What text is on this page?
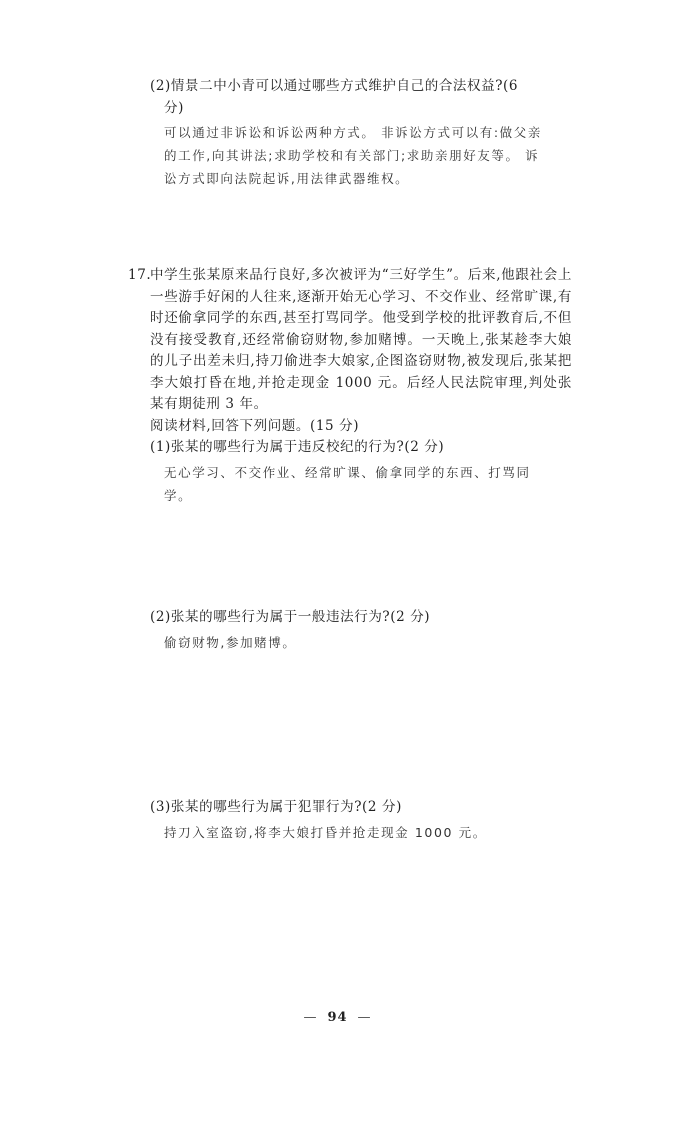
(2)情景二中小青可以通过哪些方式维护自己的合法权益?(6
分)
可以通过非诉讼和诉讼两种方式。 非诉讼方式可以有:做父亲的工作,向其讲法;求助学校和有关部门;求助亲朋好友等。 诉讼方式即向法院起诉,用法律武器维权。
17.
中学生张某原来品行良好,多次被评为“三好学生”。后来,他跟社会上一些游手好闲的人往来,逐渐开始无心学习、不交作业、经常旷课,有时还偷拿同学的东西,甚至打骂同学。他受到学校的批评教育后,不但没有接受教育,还经常偷窃财物,参加赌博。一天晚上,张某趁李大娘的儿子出差未归,持刀偷进李大娘家,企图盗窃财物,被发现后,张某把李大娘打昏在地,并抢走现金 1000 元。后经人民法院审理,判处张某有期徒刑 3 年。
阅读材料,回答下列问题。(15 分)
(1)张某的哪些行为属于违反校纪的行为?(2 分)
无心学习、不交作业、经常旷课、偷拿同学的东西、打骂同学。
(2)张某的哪些行为属于一般违法行为?(2 分)
偷窃财物,参加赌博。
(3)张某的哪些行为属于犯罪行为?(2 分)
持刀入室盗窃,将李大娘打昏并抢走现金 1000 元。
— 94 —
